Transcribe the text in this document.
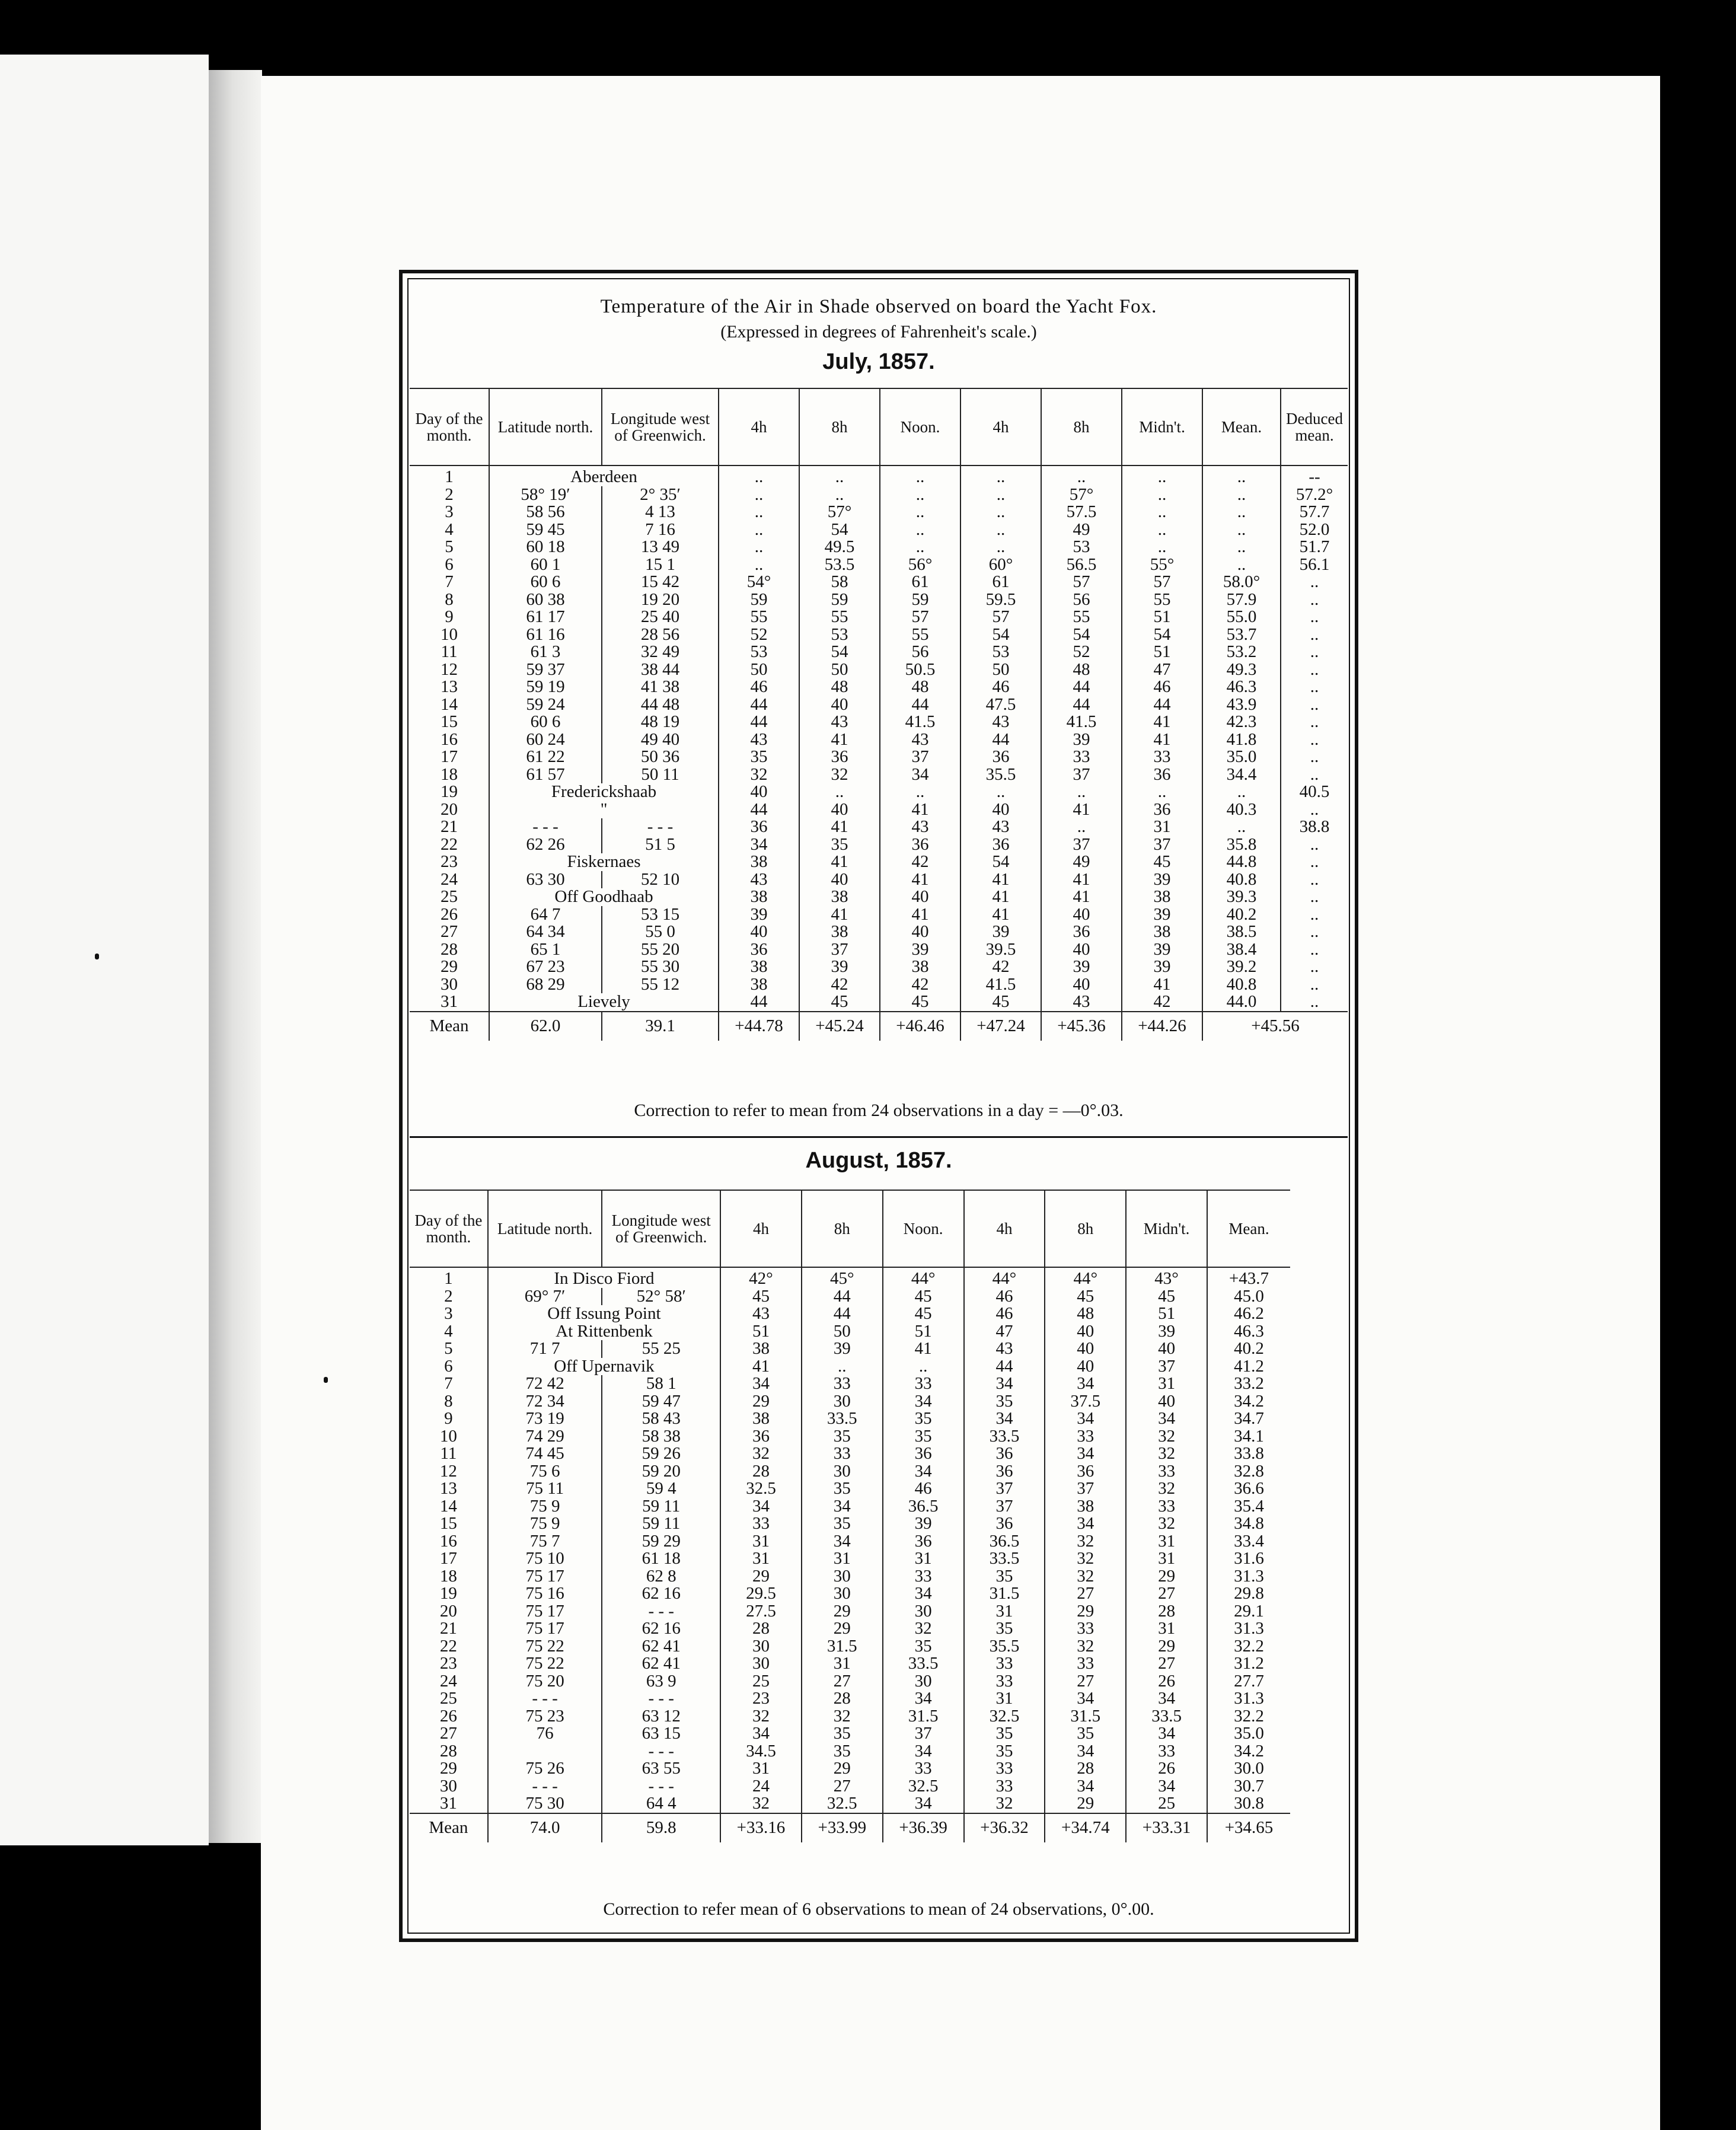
Temperature of the Air in Shade observed on board the Yacht Fox.
(Expressed in degrees of Fahrenheit's scale.)
July, 1857.
Day of the month.	Latitude north.	Longitude west of Greenwich.	4h	8h	Noon.	4h	8h	Midn't.	Mean.	Deduced mean.
1	Aberdeen		..	..	..	..	..	..	..	--
2	58° 19′	2° 35′	..	..	..	..	57°	..	..	57.2°
3	58 56	4 13	..	57°	..	..	57.5	..	..	57.7
4	59 45	7 16	..	54	..	..	49	..	..	52.0
5	60 18	13 49	..	49.5	..	..	53	..	..	51.7
6	60 1	15 1	..	53.5	56°	60°	56.5	55°	..	56.1
7	60 6	15 42	54°	58	61	61	57	57	58.0°	..
8	60 38	19 20	59	59	59	59.5	56	55	57.9	..
9	61 17	25 40	55	55	57	57	55	51	55.0	..
10	61 16	28 56	52	53	55	54	54	54	53.7	..
11	61 3	32 49	53	54	56	53	52	51	53.2	..
12	59 37	38 44	50	50	50.5	50	48	47	49.3	..
13	59 19	41 38	46	48	48	46	44	46	46.3	..
14	59 24	44 48	44	40	44	47.5	44	44	43.9	..
15	60 6	48 19	44	43	41.5	43	41.5	41	42.3	..
16	60 24	49 40	43	41	43	44	39	41	41.8	..
17	61 22	50 36	35	36	37	36	33	33	35.0	..
18	61 57	50 11	32	32	34	35.5	37	36	34.4	..
19	Frederickshaab		40	..	..	..	..	..	..	40.5
20	"		44	40	41	40	41	36	40.3	..
21	- - -	- - -	36	41	43	43	..	31	..	38.8
22	62 26	51 5	34	35	36	36	37	37	35.8	..
23	Fiskernaes		38	41	42	54	49	45	44.8	..
24	63 30	52 10	43	40	41	41	41	39	40.8	..
25	Off Goodhaab		38	38	40	41	41	38	39.3	..
26	64 7	53 15	39	41	41	41	40	39	40.2	..
27	64 34	55 0	40	38	40	39	36	38	38.5	..
28	65 1	55 20	36	37	39	39.5	40	39	38.4	..
29	67 23	55 30	38	39	38	42	39	39	39.2	..
30	68 29	55 12	38	42	42	41.5	40	41	40.8	..
31	Lievely		44	45	45	45	43	42	44.0	..
Mean	62.0	39.1	+44.78	+45.24	+46.46	+47.24	+45.36	+44.26	+45.56	
Correction to refer to mean from 24 observations in a day = —0°.03.
August, 1857.
Day of the month.	Latitude north.	Longitude west of Greenwich.	4h	8h	Noon.	4h	8h	Midn't.	Mean.
1	In Disco Fiord		42°	45°	44°	44°	44°	43°	+43.7
2	69° 7′	52° 58′	45	44	45	46	45	45	45.0
3	Off Issung Point		43	44	45	46	48	51	46.2
4	At Rittenbenk		51	50	51	47	40	39	46.3
5	71 7	55 25	38	39	41	43	40	40	40.2
6	Off Upernavik		41	..	..	44	40	37	41.2
7	72 42	58 1	34	33	33	34	34	31	33.2
8	72 34	59 47	29	30	34	35	37.5	40	34.2
9	73 19	58 43	38	33.5	35	34	34	34	34.7
10	74 29	58 38	36	35	35	33.5	33	32	34.1
11	74 45	59 26	32	33	36	36	34	32	33.8
12	75 6	59 20	28	30	34	36	36	33	32.8
13	75 11	59 4	32.5	35	46	37	37	32	36.6
14	75 9	59 11	34	34	36.5	37	38	33	35.4
15	75 9	59 11	33	35	39	36	34	32	34.8
16	75 7	59 29	31	34	36	36.5	32	31	33.4
17	75 10	61 18	31	31	31	33.5	32	31	31.6
18	75 17	62 8	29	30	33	35	32	29	31.3
19	75 16	62 16	29.5	30	34	31.5	27	27	29.8
20	75 17	- - -	27.5	29	30	31	29	28	29.1
21	75 17	62 16	28	29	32	35	33	31	31.3
22	75 22	62 41	30	31.5	35	35.5	32	29	32.2
23	75 22	62 41	30	31	33.5	33	33	27	31.2
24	75 20	63 9	25	27	30	33	27	26	27.7
25	- - -	- - -	23	28	34	31	34	34	31.3
26	75 23	63 12	32	32	31.5	32.5	31.5	33.5	32.2
27	76	63 15	34	35	37	35	35	34	35.0
28		- - -	34.5	35	34	35	34	33	34.2
29	75 26	63 55	31	29	33	33	28	26	30.0
30	- - -	- - -	24	27	32.5	33	34	34	30.7
31	75 30	64 4	32	32.5	34	32	29	25	30.8
Mean	74.0	59.8	+33.16	+33.99	+36.39	+36.32	+34.74	+33.31	+34.65
Correction to refer mean of 6 observations to mean of 24 observations, 0°.00.
